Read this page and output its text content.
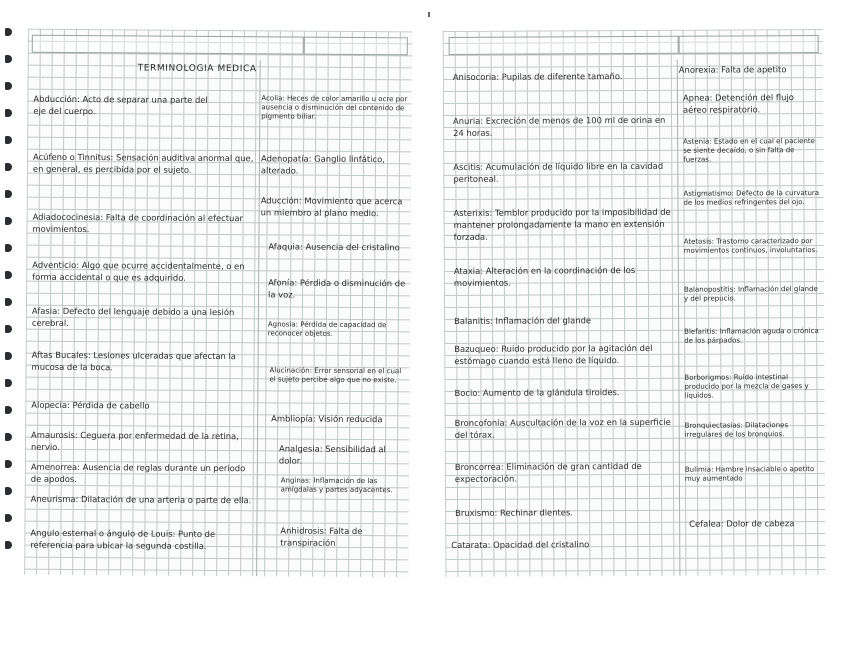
TERMINOLOGIA MEDICA
Abducción: Acto de separar una parte del eje del cuerpo.
Acúfeno o Tinnitus: Sensación auditiva anormal que, en general, es percibida por el sujeto.
Adiadococinesia: Falta de coordinación al efectuar movimientos.
Adventicio: Algo que ocurre accidentalmente, o en forma accidental o que es adquirido.
Afasia: Defecto del lenguaje debido a una lesión cerebral.
Aftas Bucales: Lesiones ulceradas que afectan la mucosa de la boca.
Alopecia: Pérdida de cabello
Amaurosis: Ceguera por enfermedad de la retina, nervio.
Amenorrea: Ausencia de reglas durante un periodo de apodos.
Aneurisma: Dilatación de una arteria o parte de ella.
Angulo esternal o ángulo de Louis: Punto de referencia para ubicar la segunda costilla.
Acolia: Heces de color amarillo u ocre por ausencia o disminución del contenido de pigmento biliar.
Adenopatía: Ganglio linfático, alterado.
Aducción: Movimiento que acerca un miembro al plano medio.
Afaquia: Ausencia del cristalino
Afonía: Pérdida o disminución de la voz.
Agnosia: Pérdida de capacidad de reconocer objetos.
Alucinación: Error sensorial en el cual el sujeto percibe algo que no existe.
Ambliopía: Visión reducida
Analgesia: Sensibilidad al dolor.
Anginas: Inflamación de las amígdalas y partes adyacentes.
Anhidrosis: Falta de transpiración
Anisocoria: Pupilas de diferente tamaño.
Anuria: Excreción de menos de 100 ml de orina en 24 horas.
Ascitis: Acumulación de líquido libre en la cavidad peritoneal.
Asterixis: Temblor producido por la imposibilidad de mantener prolongadamente la mano en extensión forzada.
Ataxia: Alteración en la coordinación de los movimientos.
Balanitis: Inflamación del glande
Bazuqueo: Ruido producido por la agitación del estómago cuando está lleno de líquido.
Bocio: Aumento de la glándula tiroides.
Broncofonía: Auscultación de la voz en la superficie del tórax.
Broncorrea: Eliminación de gran cantidad de expectoración.
Bruxismo: Rechinar dientes.
Catarata: Opacidad del cristalino
Anorexia: Falta de apetito
Apnea: Detención del flujo aéreo respiratorio.
Astenia: Estado en el cual el paciente se siente decaído, o sin falta de fuerzas.
Astigmatismo: Defecto de la curvatura de los medios refringentes del ojo.
Atetosis: Trastorno caracterizado por movimientos continuos, involuntarios.
Balanopostitis: Inflamación del glande y del prepucio.
Blefaritis: Inflamación aguda o crónica de los párpados.
Borborigmos: Ruido intestinal producido por la mezcla de gases y líquidos.
Bronquiectasias: Dilataciones irregulares de los bronquios.
Bulimia: Hambre insaciable o apetito muy aumentado
Cefalea: Dolor de cabeza
